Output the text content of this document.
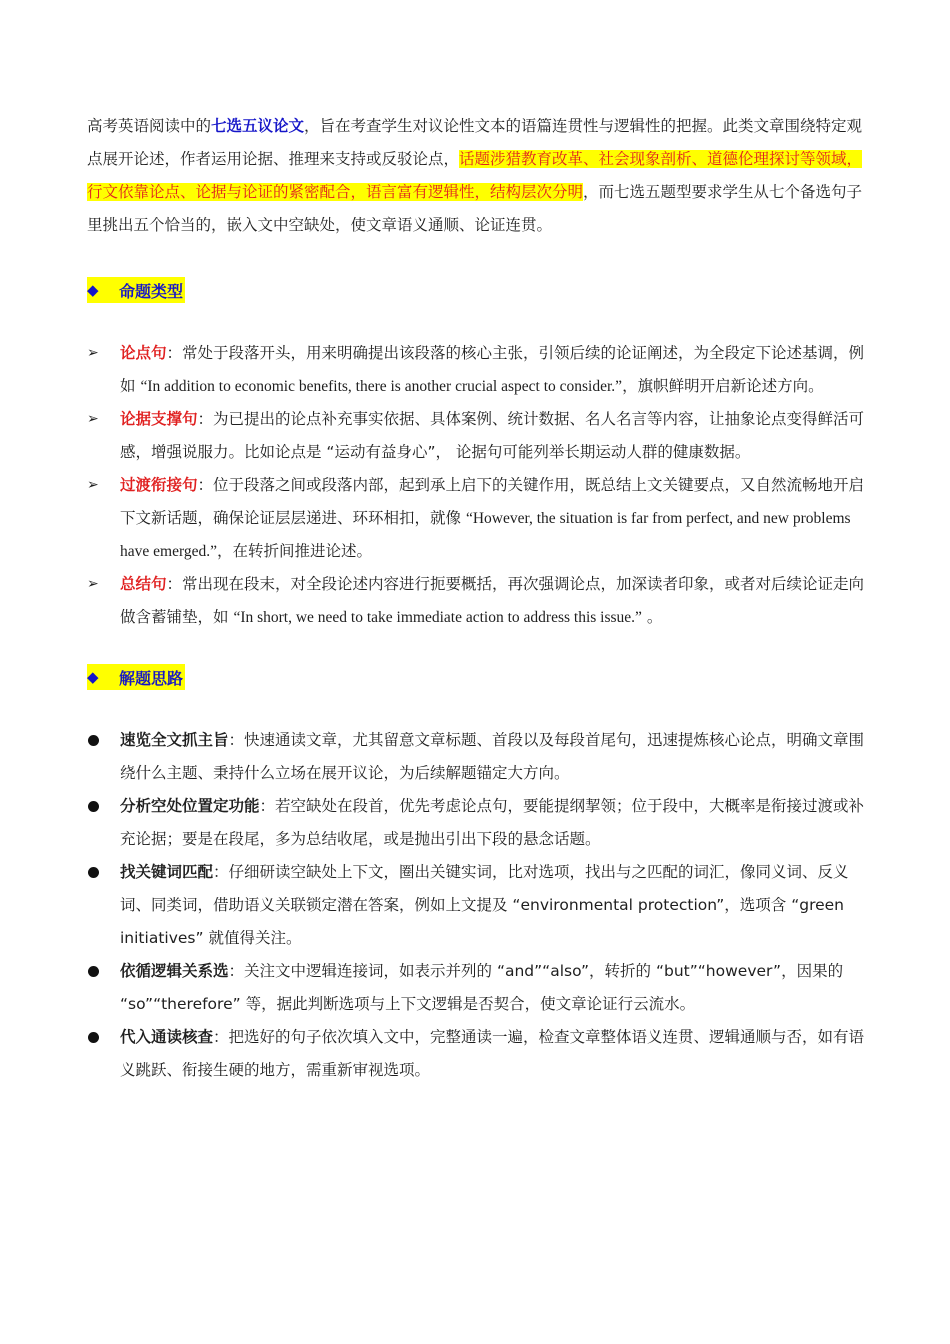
高考英语阅读中的七选五议论文，旨在考查学生对议论性文本的语篇连贯性与逻辑性的把握。此类文章围绕特定观点展开论述，作者运用论据、推理来支持或反驳论点，话题涉猎教育改革、社会现象剖析、道德伦理探讨等领域，行文依靠论点、论据与论证的紧密配合，语言富有逻辑性，结构层次分明，而七选五题型要求学生从七个备选句子里挑出五个恰当的，嵌入文中空缺处，使文章语义通顺、论证连贯。

◆	命题类型
➢ 论点句：常处于段落开头，用来明确提出该段落的核心主张，引领后续的论证阐述，为全段定下论述基调，例如 “In addition to economic benefits, there is another crucial aspect to consider.”，旗帜鲜明开启新论述方向。
➢ 论据支撑句：为已提出的论点补充事实依据、具体案例、统计数据、名人名言等内容，让抽象论点变得鲜活可感，增强说服力。比如论点是 “运动有益身心”， 论据句可能列举长期运动人群的健康数据。
➢ 过渡衔接句：位于段落之间或段落内部，起到承上启下的关键作用，既总结上文关键要点，又自然流畅地开启下文新话题，确保论证层层递进、环环相扣，就像 “However, the situation is far from perfect, and new problems have emerged.”，在转折间推进论述。
➢ 总结句：常出现在段末，对全段论述内容进行扼要概括，再次强调论点，加深读者印象，或者对后续论证走向做含蓄铺垫，如 “In short, we need to take immediate action to address this issue.” 。
◆	解题思路
速览全文抓主旨：快速通读文章，尤其留意文章标题、首段以及每段首尾句，迅速提炼核心论点，明确文章围绕什么主题、秉持什么立场在展开议论，为后续解题锚定大方向。
分析空处位置定功能：若空缺处在段首，优先考虑论点句，要能提纲挈领；位于段中，大概率是衔接过渡或补充论据；要是在段尾，多为总结收尾，或是抛出引出下段的悬念话题。
找关键词匹配：仔细研读空缺处上下文，圈出关键实词，比对选项，找出与之匹配的词汇，像同义词、反义词、同类词，借助语义关联锁定潜在答案，例如上文提及 “environmental protection”，选项含 “green initiatives” 就值得关注。
依循逻辑关系选：关注文中逻辑连接词，如表示并列的 “and”“also”，转折的 “but”“however”，因果的 “so”“therefore” 等，据此判断选项与上下文逻辑是否契合，使文章论证行云流水。
代入通读核查：把选好的句子依次填入文中，完整通读一遍，检查文章整体语义连贯、逻辑通顺与否，如有语义跳跃、衔接生硬的地方，需重新审视选项。
